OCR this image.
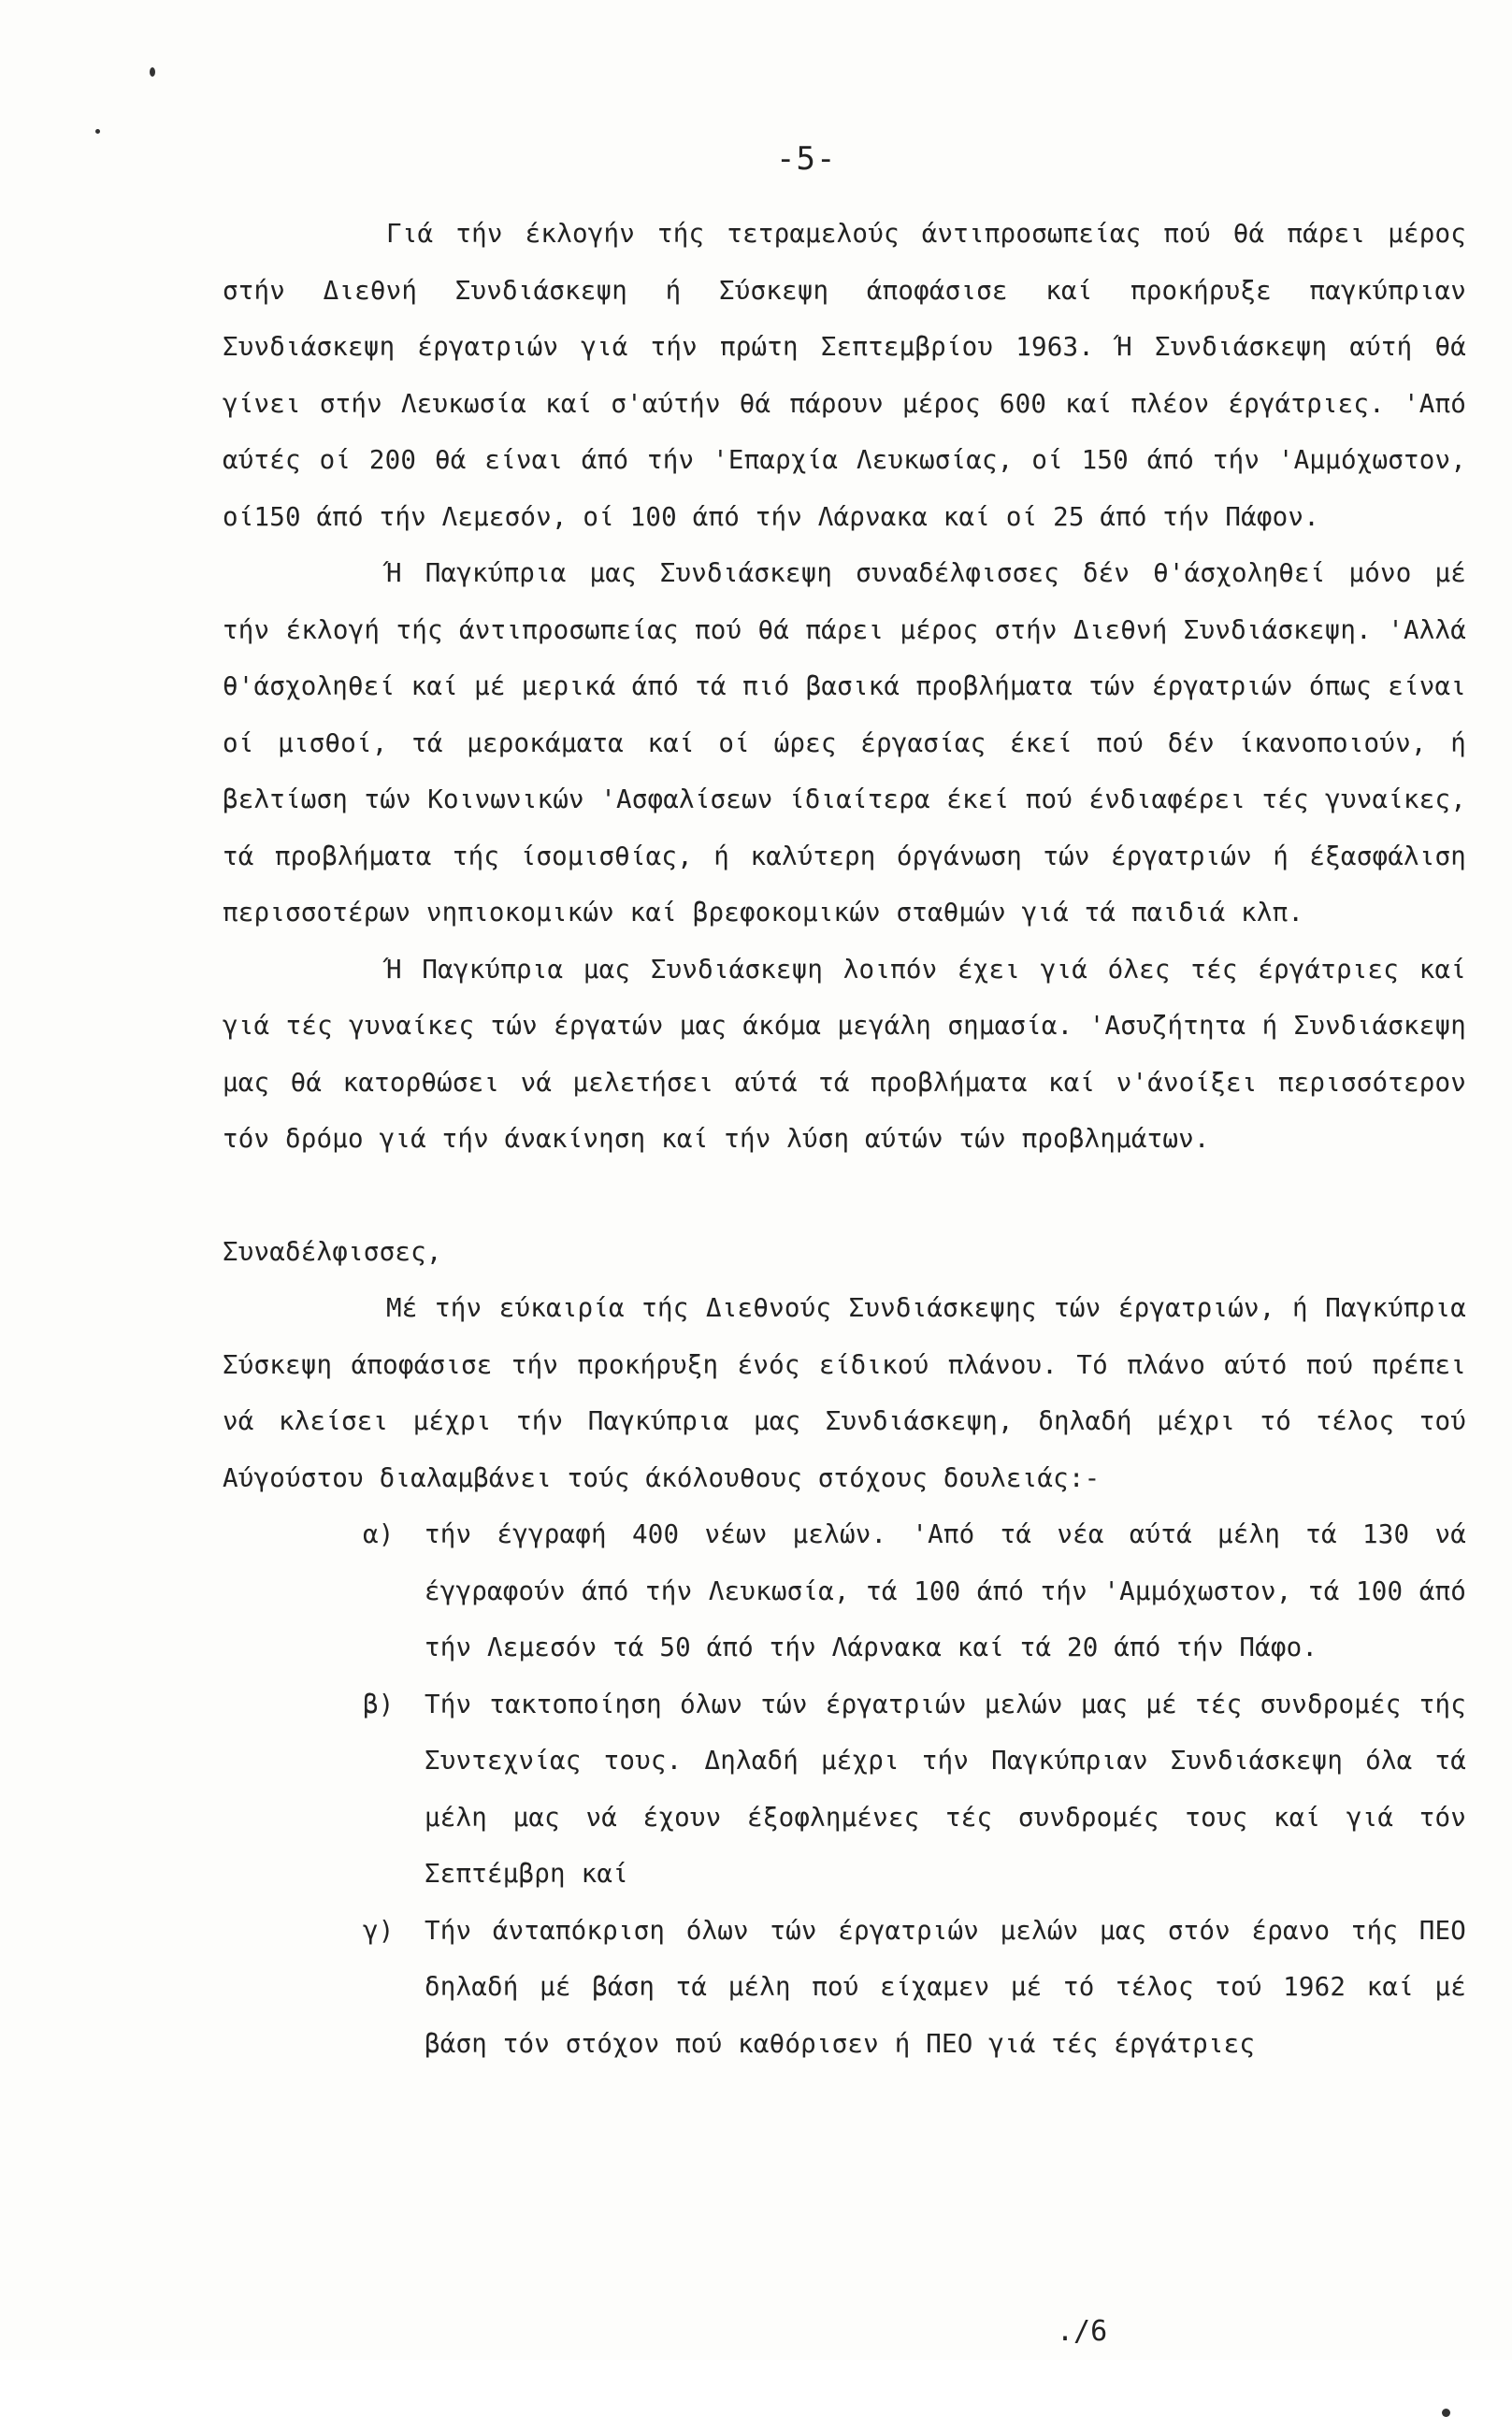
-5-

Γιά τήν έκλογήν τής τετραμελούς άντιπροσωπείας πού θά πάρει μέρος στήν Διεθνή Συνδιάσκεψη ή Σύσκεψη άποφάσισε καί προκήρυξε παγκύπριαν Συνδιάσκεψη έργατριών γιά τήν πρώτη Σεπτεμβρίου 1963. Ή Συνδιάσκεψη αύτή θά γίνει στήν Λευκωσία καί σ'αύτήν θά πάρουν μέρος 600 καί πλέον έργάτριες. 'Από αύτές οί 200 θά είναι άπό τήν 'Επαρχία Λευκωσίας, οί 150 άπό τήν 'Αμμόχωστον, οί150 άπό τήν Λεμεσόν, οί 100 άπό τήν Λάρνακα καί οί 25 άπό τήν Πάφον.

Ή Παγκύπρια μας Συνδιάσκεψη συναδέλφισσες δέν θ'άσχοληθεί μόνο μέ τήν έκλογή τής άντιπροσωπείας πού θά πάρει μέρος στήν Διεθνή Συνδιάσκεψη. 'Αλλά θ'άσχοληθεί καί μέ μερικά άπό τά πιό βασικά προβλήματα τών έργατριών όπως είναι οί μισθοί, τά μεροκάματα καί οί ώρες έργασίας έκεί πού δέν ίκανοποιούν, ή βελτίωση τών Κοινωνικών 'Ασφαλίσεων ίδιαίτερα έκεί πού ένδιαφέρει τές γυναίκες, τά προβλήματα τής ίσομισθίας, ή καλύτερη όργάνωση τών έργατριών ή έξασφάλιση περισσοτέρων νηπιοκομικών καί βρεφοκομικών σταθμών γιά τά παιδιά κλπ.

Ή Παγκύπρια μας Συνδιάσκεψη λοιπόν έχει γιά όλες τές έργάτριες καί γιά τές γυναίκες τών έργατών μας άκόμα μεγάλη σημασία. 'Ασυζήτητα ή Συνδιάσκεψη μας θά κατορθώσει νά μελετήσει αύτά τά προβλήματα καί ν'άνοίξει περισσότερον τόν δρόμο γιά τήν άνακίνηση καί τήν λύση αύτών τών προβλημάτων.

Συναδέλφισσες,

Μέ τήν εύκαιρία τής Διεθνούς Συνδιάσκεψης τών έργατριών, ή Παγκύπρια Σύσκεψη άποφάσισε τήν προκήρυξη ένός είδικού πλάνου. Τό πλάνο αύτό πού πρέπει νά κλείσει μέχρι τήν Παγκύπρια μας Συνδιάσκεψη, δηλαδή μέχρι τό τέλος τού Αύγούστου διαλαμβάνει τούς άκόλουθους στόχους δουλειάς:-

α)	τήν έγγραφή 400 νέων μελών. 'Από τά νέα αύτά μέλη τά 130 νά έγγραφούν άπό τήν Λευκωσία, τά 100 άπό τήν 'Αμμόχωστον, τά 100 άπό τήν Λεμεσόν τά 50 άπό τήν Λάρνακα καί τά 20 άπό τήν Πάφο.
β)	Τήν τακτοποίηση όλων τών έργατριών μελών μας μέ τές συνδρομές τής Συντεχνίας τους. Δηλαδή μέχρι τήν Παγκύπριαν Συνδιάσκεψη όλα τά μέλη μας νά έχουν έξοφλημένες τές συνδρομές τους καί γιά τόν Σεπτέμβρη καί
γ)	Τήν άνταπόκριση όλων τών έργατριών μελών μας στόν έρανο τής ΠΕΟ δηλαδή μέ βάση τά μέλη πού είχαμεν μέ τό τέλος τού 1962 καί μέ βάση τόν στόχον πού καθόρισεν ή ΠΕΟ γιά τές έργάτριες
./6
